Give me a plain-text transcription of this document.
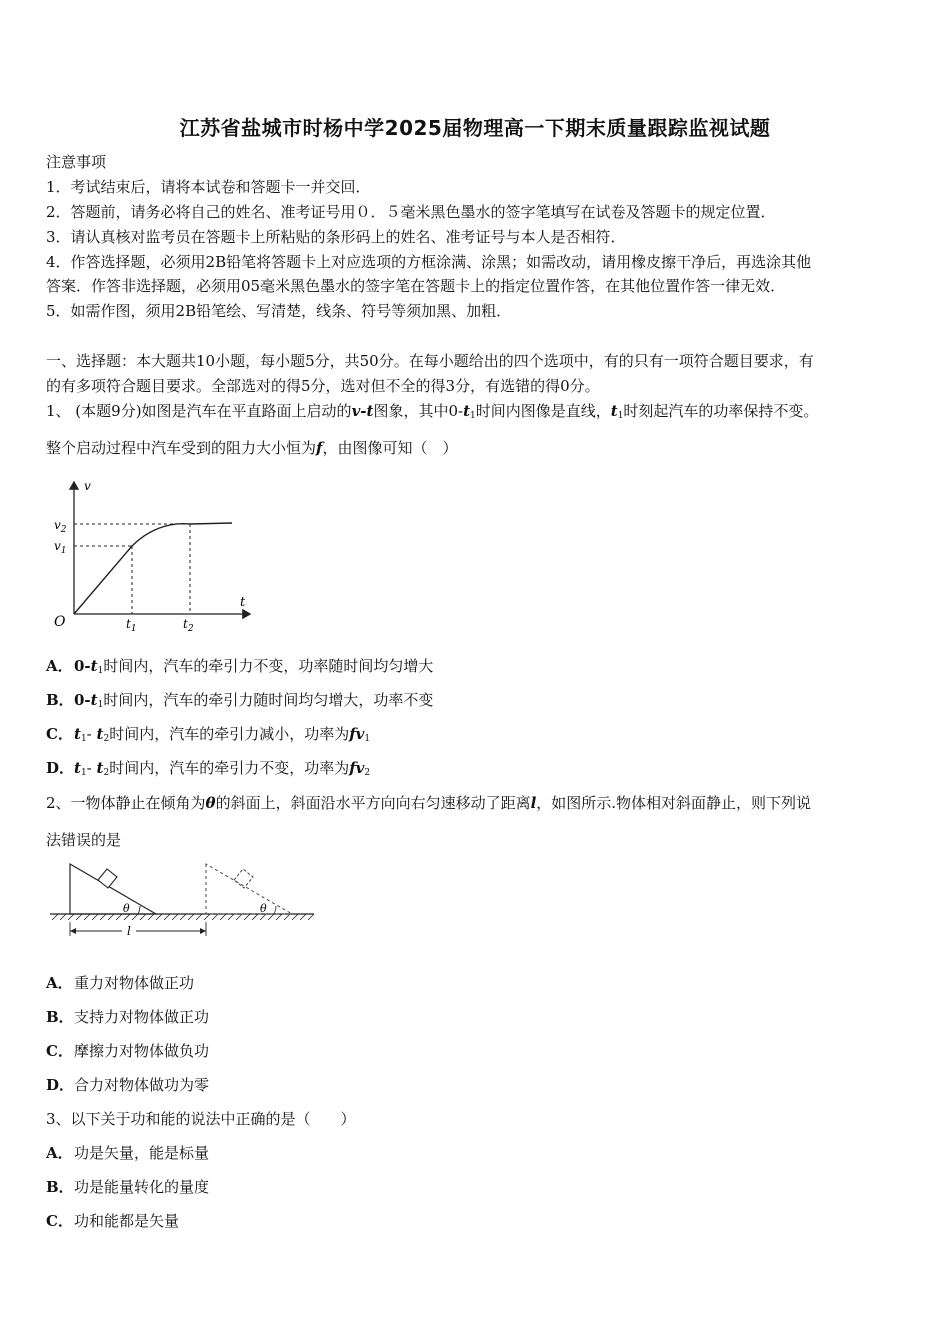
江苏省盐城市时杨中学2025届物理高一下期末质量跟踪监视试题
注意事项
1．考试结束后，请将本试卷和答题卡一并交回．
2．答题前，请务必将自己的姓名、准考证号用０．５毫米黑色墨水的签字笔填写在试卷及答题卡的规定位置．
3．请认真核对监考员在答题卡上所粘贴的条形码上的姓名、准考证号与本人是否相符．
4．作答选择题，必须用2B铅笔将答题卡上对应选项的方框涂满、涂黑；如需改动，请用橡皮擦干净后，再选涂其他
答案．作答非选择题，必须用05毫米黑色墨水的签字笔在答题卡上的指定位置作答，在其他位置作答一律无效．
5．如需作图，须用2B铅笔绘、写清楚，线条、符号等须加黑、加粗．
一、选择题：本大题共10小题，每小题5分，共50分。在每小题给出的四个选项中，有的只有一项符合题目要求，有
的有多项符合题目要求。全部选对的得5分，选对但不全的得3分，有选错的得0分。
1、 (本题9分)如图是汽车在平直路面上启动的v-t图象，其中$0-t_1$时间内图像是直线，$t_1$时刻起汽车的功率保持不变。
整个启动过程中汽车受到的阻力大小恒为f，由图像可知（　）
v
t
O
$v_2$
$v_1$
$t_1$	$t_2$
A．$0-t_1$时间内，汽车的牵引力不变，功率随时间均匀增大
B．$0-t_1$时间内，汽车的牵引力随时间均匀增大，功率不变
C．$t_1-$ $t_2$时间内，汽车的牵引力减小，功率为$fv_1$
D．$t_1-$ $t_2$时间内，汽车的牵引力不变，功率为$fv_2$
2、一物体静止在倾角为θ的斜面上，斜面沿水平方向向右匀速移动了距离l，如图所示.物体相对斜面静止，则下列说
法错误的是
θ	θ
l
A．重力对物体做正功
B．支持力对物体做正功
C．摩擦力对物体做负功
D．合力对物体做功为零
3、以下关于功和能的说法中正确的是（　　）
A．功是矢量，能是标量
B．功是能量转化的量度
C．功和能都是矢量
